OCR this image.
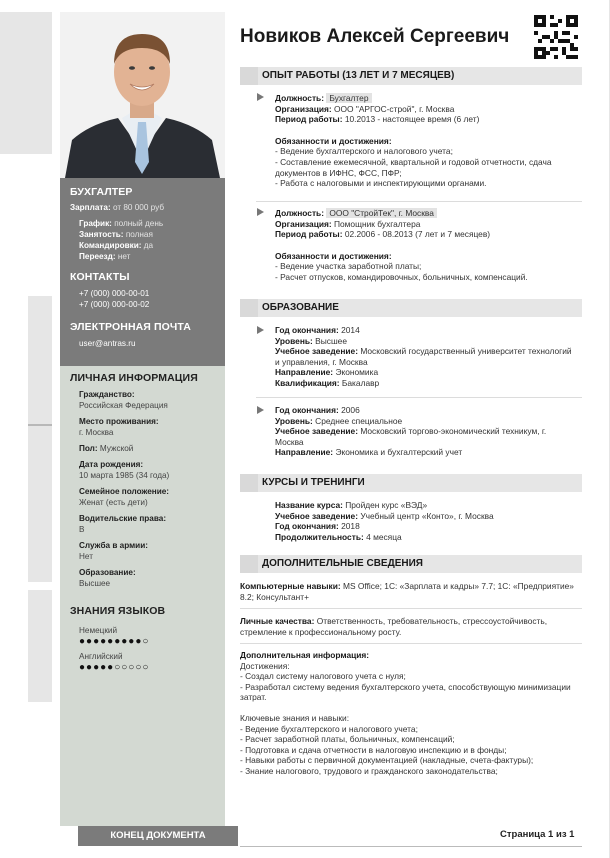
БУХГАЛТЕР
Зарплата: от 80 000 руб
График: полный день
Занятость: полная
Командировки: да
Переезд: нет
КОНТАКТЫ
+7 (000) 000-00-01
+7 (000) 000-00-02
ЭЛЕКТРОННАЯ ПОЧТА
user@antras.ru
ЛИЧНАЯ ИНФОРМАЦИЯ
Гражданство:
Российская Федерация
Место проживания:
г. Москва
Пол: Мужской
Дата рождения:
10 марта 1985 (34 года)
Семейное положение:
Женат (есть дети)
Водительские права:
B
Служба в армии:
Нет
Образование:
Высшее
ЗНАНИЯ ЯЗЫКОВ
Немецкий
●●●●●●●●●○
Английский
●●●●●○○○○○
Новиков Алексей Сергеевич
ОПЫТ РАБОТЫ (13 ЛЕТ И 7 МЕСЯЦЕВ)
Должность: Бухгалтер
Организация: ООО "АРГОС-строй", г. Москва
Период работы: 10.2013 - настоящее время (6 лет)
Обязанности и достижения:
- Ведение бухгалтерского и налогового учета;
- Составление ежемесячной, квартальной и годовой отчетности, сдача документов в ИФНС, ФСС, ПФР;
- Работа с налоговыми и инспектирующими органами.
Должность: ООО "СтройТек", г. Москва
Организация: Помощник бухгалтера
Период работы: 02.2006 - 08.2013 (7 лет и 7 месяцев)
Обязанности и достижения:
- Ведение участка заработной платы;
- Расчет отпусков, командировочных, больничных, компенсаций.
ОБРАЗОВАНИЕ
Год окончания: 2014
Уровень: Высшее
Учебное заведение: Московский государственный университет технологий и управления, г. Москва
Направление: Экономика
Квалификация: Бакалавр
Год окончания: 2006
Уровень: Среднее специальное
Учебное заведение: Московский торгово-экономический техникум, г. Москва
Направление: Экономика и бухгалтерский учет
КУРСЫ И ТРЕНИНГИ
Название курса: Пройден курс «ВЭД»
Учебное заведение: Учебный центр «Конто», г. Москва
Год окончания: 2018
Продолжительность: 4 месяца
ДОПОЛНИТЕЛЬНЫЕ СВЕДЕНИЯ
Компьютерные навыки: MS Office; 1С: «Зарплата и кадры» 7.7; 1С: «Предприятие» 8.2; Консультант+
Личные качества: Ответственность, требовательность, стрессоустойчивость, стремление к профессиональному росту.
Дополнительная информация:
Достижения:
- Создал систему налогового учета с нуля;
- Разработал систему ведения бухгалтерского учета, способствующую минимизации затрат.
Ключевые знания и навыки:
- Ведение бухгалтерского и налогового учета;
- Расчет заработной платы, больничных, компенсаций;
- Подготовка и сдача отчетности в налоговую инспекцию и в фонды;
- Навыки работы с первичной документацией (накладные, счета-фактуры);
- Знание налогового, трудового и гражданского законодательства;
КОНЕЦ ДОКУМЕНТА	Страница 1 из 1
